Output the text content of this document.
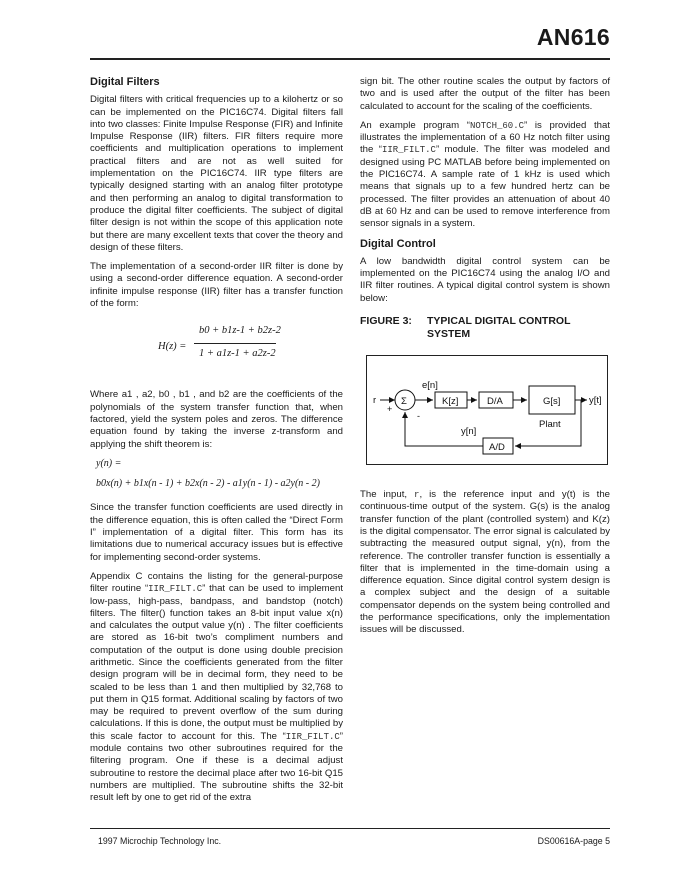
AN616
Digital Filters

Digital filters with critical frequencies up to a kilohertz or so can be implemented on the PIC16C74. Digital filters fall into two classes: Finite Impulse Response (FIR) and Infinite Impulse Response (IIR) filters. FIR filters require more coefficients and multiplication operations to implement practical filters and are not as well suited for implementation on the PIC16C74. IIR type filters are typically designed starting with an analog filter prototype and then performing an analog to digital transformation to produce the digital filter coefficients. The subject of digital filter design is not within the scope of this application note but there are many excellent texts that cover the theory and design of these filters.

The implementation of a second-order IIR filter is done by using a second-order difference equation. A second-order infinite impulse response (IIR) filter has a transfer function of the form:

H(z) =
b0 + b1z-1 + b2z-2
1 + a1z-1 + a2z-2

Where a1 , a2, b0 , b1 , and b2 are the coefficients of the polynomials of the system transfer function that, when factored, yield the system poles and zeros. The difference equation found by taking the inverse z-transform and applying the shift theorem is:

y(n) =
b0x(n) + b1x(n - 1) + b2x(n - 2) - a1y(n - 1) - a2y(n - 2)

Since the transfer function coefficients are used directly in the difference equation, this is often called the “Direct Form I” implementation of a digital filter. This form has its limitations due to numerical accuracy issues but is effective for implementing second-order systems.

Appendix C contains the listing for the general-purpose filter routine “IIR_FILT.C” that can be used to implement low-pass, high-pass, bandpass, and bandstop (notch) filters. The filter() function takes an 8-bit input value x(n) and calculates the output value y(n) . The filter coefficients are stored as 16-bit two’s compliment numbers and computation of the output is done using double precision arithmetic. Since the coefficients generated from the filter design program will be in decimal form, they need to be scaled to be less than 1 and then multiplied by 32,768 to put them in Q15 format. Additional scaling by factors of two may be required to prevent overflow of the sum during calculations. If this is done, the output must be multiplied by this scale factor to account for this. The “IIR_FILT.C” module contains two other subroutines required for the filtering program. One if these is a decimal adjust subroutine to restore the decimal place after two 16-bit Q15 numbers are multiplied. The subroutine shifts the 32-bit result left by one to get rid of the extra

sign bit. The other routine scales the output by factors of two and is used after the output of the filter has been calculated to account for the scaling of the coefficients.

An example program “NOTCH_60.C” is provided that illustrates the implementation of a 60 Hz notch filter using the “IIR_FILT.C” module. The filter was modeled and designed using PC MATLAB before being implemented on the PIC16C74. A sample rate of 1 kHz is used which means that signals up to a few hundred hertz can be processed. The filter provides an attenuation of about 40 dB at 60 Hz and can be used to remove interference from sensor signals in a system.

Digital Control

A low bandwidth digital control system can be implemented on the PIC16C74 using the analog I/O and IIR filter routines. A typical digital control system is shown below:

FIGURE 3: TYPICAL DIGITAL CONTROL SYSTEM
r	Σ
+
-
e[n]
K[z]	D/A	G[s]
Plant
y[t]
A/D
y[n]

The input, r, is the reference input and y(t) is the continuous-time output of the system. G(s) is the analog transfer function of the plant (controlled system) and K(z) is the digital compensator. The error signal is calculated by subtracting the measured output signal, y(n), from the reference. The controller transfer function is essentially a filter that is implemented in the time-domain using a difference equation. Since digital control system design is a complex subject and the design of a suitable compensator depends on the system being controlled and the performance specifications, only the implementation issues will be discussed.

1997 Microchip Technology Inc.	DS00616A-page 5
